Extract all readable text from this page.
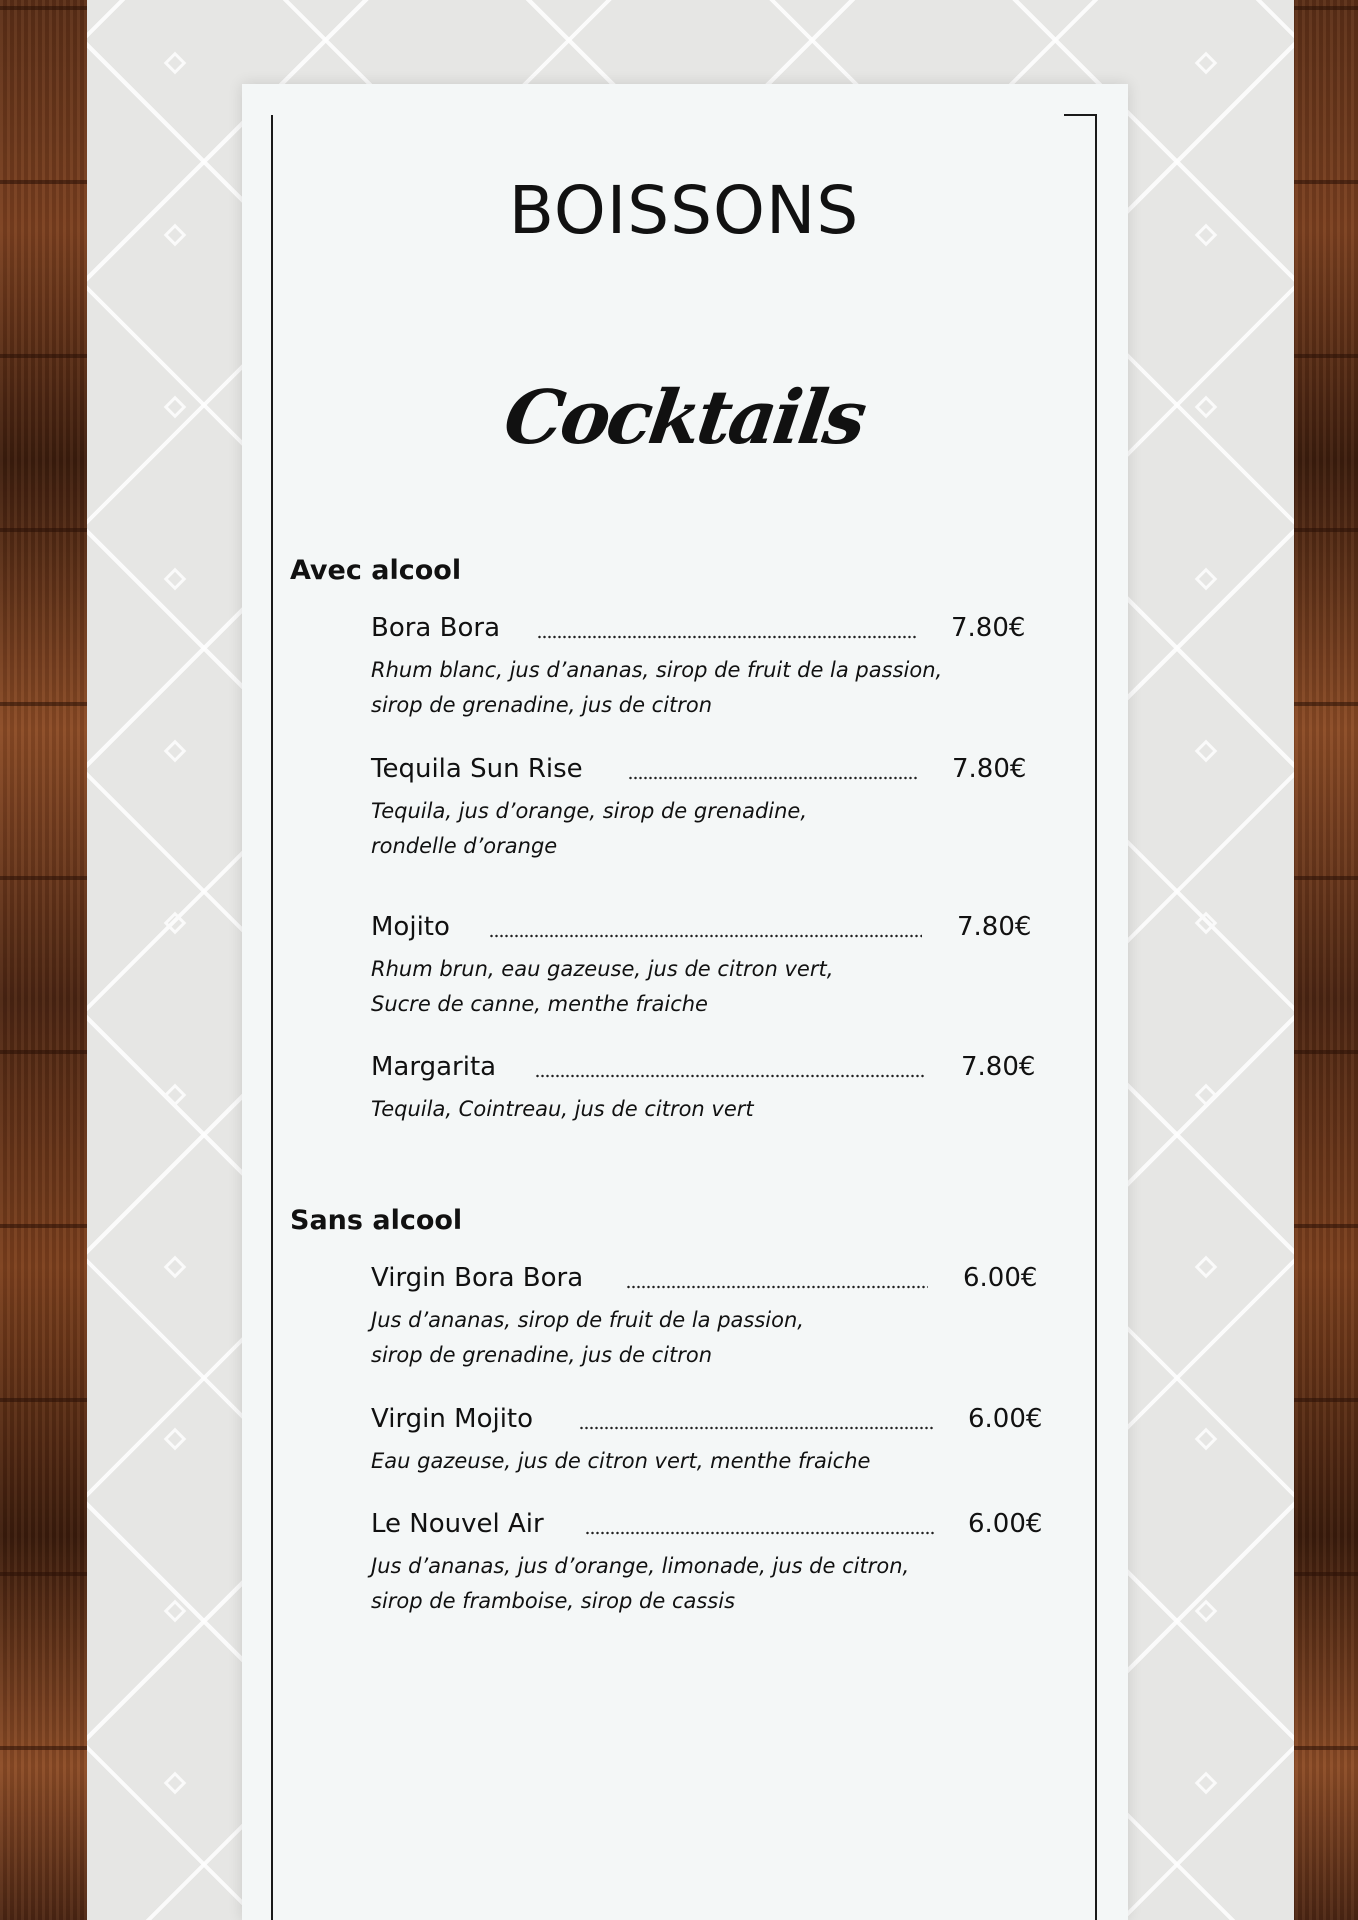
BOISSONS
Cocktails
Avec alcool
Bora Bora	7.80€
Rhum blanc, jus d’ananas, sirop de fruit de la passion,
sirop de grenadine, jus de citron
Tequila Sun Rise	7.80€
Tequila, jus d’orange, sirop de grenadine,
rondelle d’orange
Mojito	7.80€
Rhum brun, eau gazeuse, jus de citron vert,
Sucre de canne, menthe fraiche
Margarita	7.80€
Tequila, Cointreau, jus de citron vert
Sans alcool
Virgin Bora Bora	6.00€
Jus d’ananas, sirop de fruit de la passion,
sirop de grenadine, jus de citron
Virgin Mojito	6.00€
Eau gazeuse, jus de citron vert, menthe fraiche
Le Nouvel Air	6.00€
Jus d’ananas, jus d’orange, limonade, jus de citron,
sirop de framboise, sirop de cassis
